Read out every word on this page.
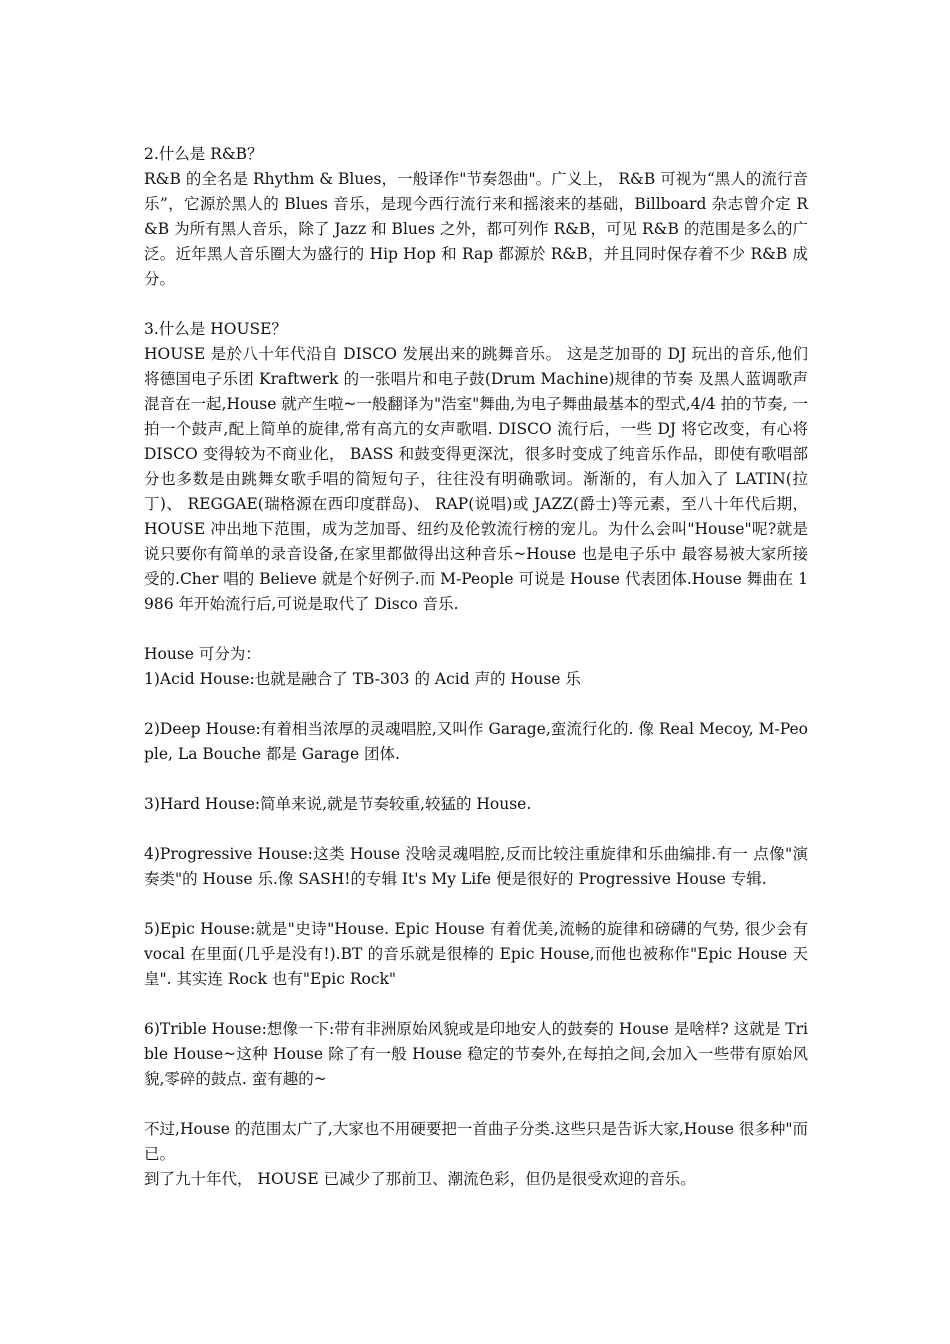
2.什么是 R&B？

R&B 的全名是 Rhythm & Blues，一般译作"节奏怨曲"。广义上， R&B 可视为“黑人的流行音乐”，它源於黑人的 Blues 音乐，是现今西行流行来和摇滚来的基础，Billboard 杂志曾介定 R&B 为所有黑人音乐，除了 Jazz 和 Blues 之外，都可列作 R&B，可见 R&B 的范围是多么的广泛。近年黑人音乐圈大为盛行的 Hip Hop 和 Rap 都源於 R&B，并且同时保存着不少 R&B 成分。

3.什么是 HOUSE？

HOUSE 是於八十年代沿自 DISCO 发展出来的跳舞音乐。 这是芝加哥的 DJ 玩出的音乐,他们将德国电子乐团 Kraftwerk 的一张唱片和电子鼓(Drum Machine)规律的节奏 及黑人蓝调歌声混音在一起,House 就产生啦~一般翻译为"浩室"舞曲,为电子舞曲最基本的型式,4/4 拍的节奏, 一拍一个鼓声,配上简单的旋律,常有高亢的女声歌唱. DISCO 流行后，一些 DJ 将它改变，有心将 DISCO 变得较为不商业化， BASS 和鼓变得更深沈，很多时变成了纯音乐作品，即使有歌唱部分也多数是由跳舞女歌手唱的简短句子，往往没有明确歌词。渐渐的，有人加入了 LATIN(拉丁)、 REGGAE(瑞格源在西印度群岛)、 RAP(说唱)或 JAZZ(爵士)等元素，至八十年代后期， HOUSE 冲出地下范围，成为芝加哥、纽约及伦敦流行榜的宠儿。为什么会叫"House"呢?就是说只要你有简单的录音设备,在家里都做得出这种音乐~House 也是电子乐中 最容易被大家所接受的.Cher 唱的 Believe 就是个好例子.而 M-People 可说是 House 代表团体.House 舞曲在 1986 年开始流行后,可说是取代了 Disco 音乐.

House 可分为：

1)Acid House:也就是融合了 TB-303 的 Acid 声的 House 乐

2)Deep House:有着相当浓厚的灵魂唱腔,又叫作 Garage,蛮流行化的. 像 Real Mecoy, M-People, La Bouche 都是 Garage 团体.

3)Hard House:简单来说,就是节奏较重,较猛的 House.

4)Progressive House:这类 House 没啥灵魂唱腔,反而比较注重旋律和乐曲编排.有一 点像"演奏类"的 House 乐.像 SASH!的专辑 It's My Life 便是很好的 Progressive House 专辑.

5)Epic House:就是"史诗"House. Epic House 有着优美,流畅的旋律和磅礴的气势, 很少会有 vocal 在里面(几乎是没有!).BT 的音乐就是很棒的 Epic House,而他也被称作"Epic House 天皇". 其实连 Rock 也有"Epic Rock"

6)Trible House:想像一下:带有非洲原始风貌或是印地安人的鼓奏的 House 是啥样? 这就是 Trible House~这种 House 除了有一般 House 稳定的节奏外,在每拍之间,会加入一些带有原始风貌,零碎的鼓点. 蛮有趣的~

不过,House 的范围太广了,大家也不用硬要把一首曲子分类.这些只是告诉大家,House 很多种"而已。

到了九十年代， HOUSE 已减少了那前卫、潮流色彩，但仍是很受欢迎的音乐。
